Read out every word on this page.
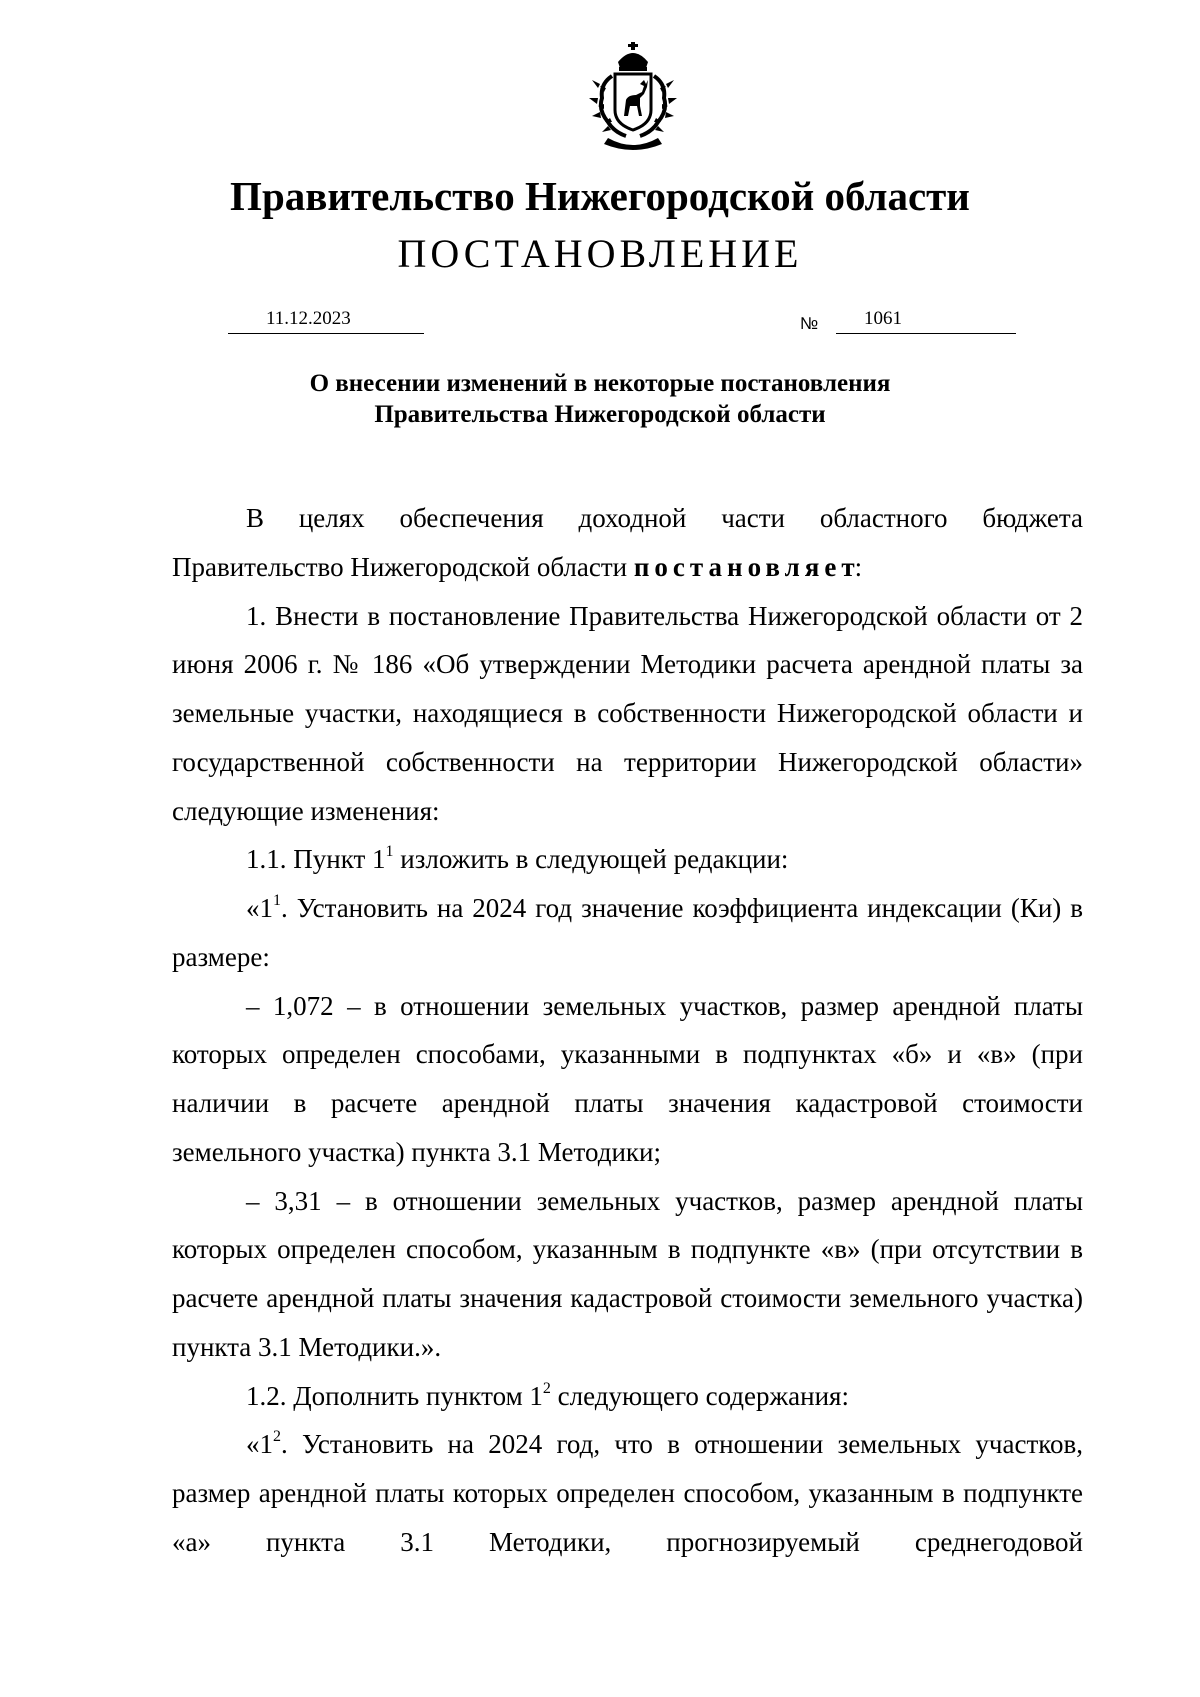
Правительство Нижегородской области
ПОСТАНОВЛЕНИЕ
11.12.2023	№ 1061
О внесении изменений в некоторые постановления
Правительства Нижегородской области

В целях обеспечения доходной части областного бюджета Правительство Нижегородской области постановляет:

1. Внести в постановление Правительства Нижегородской области от 2 июня 2006 г. № 186 «Об утверждении Методики расчета арендной платы за земельные участки, находящиеся в собственности Нижегородской области и государственной собственности на территории Нижегородской области» следующие изменения:

1.1. Пункт $1^1$ изложить в следующей редакции:

«$1^1$. Установить на 2024 год значение коэффициента индексации (Ки) в размере:

– 1,072 – в отношении земельных участков, размер арендной платы которых определен способами, указанными в подпунктах «б» и «в» (при наличии в расчете арендной платы значения кадастровой стоимости земельного участка) пункта 3.1 Методики;

– 3,31 – в отношении земельных участков, размер арендной платы которых определен способом, указанным в подпункте «в» (при отсутствии в расчете арендной платы значения кадастровой стоимости земельного участка) пункта 3.1 Методики.».

1.2. Дополнить пунктом $1^2$ следующего содержания:

«$1^2$. Установить на 2024 год, что в отношении земельных участков, размер арендной платы которых определен способом, указанным в подпункте «а» пункта 3.1 Методики, прогнозируемый среднегодовой
